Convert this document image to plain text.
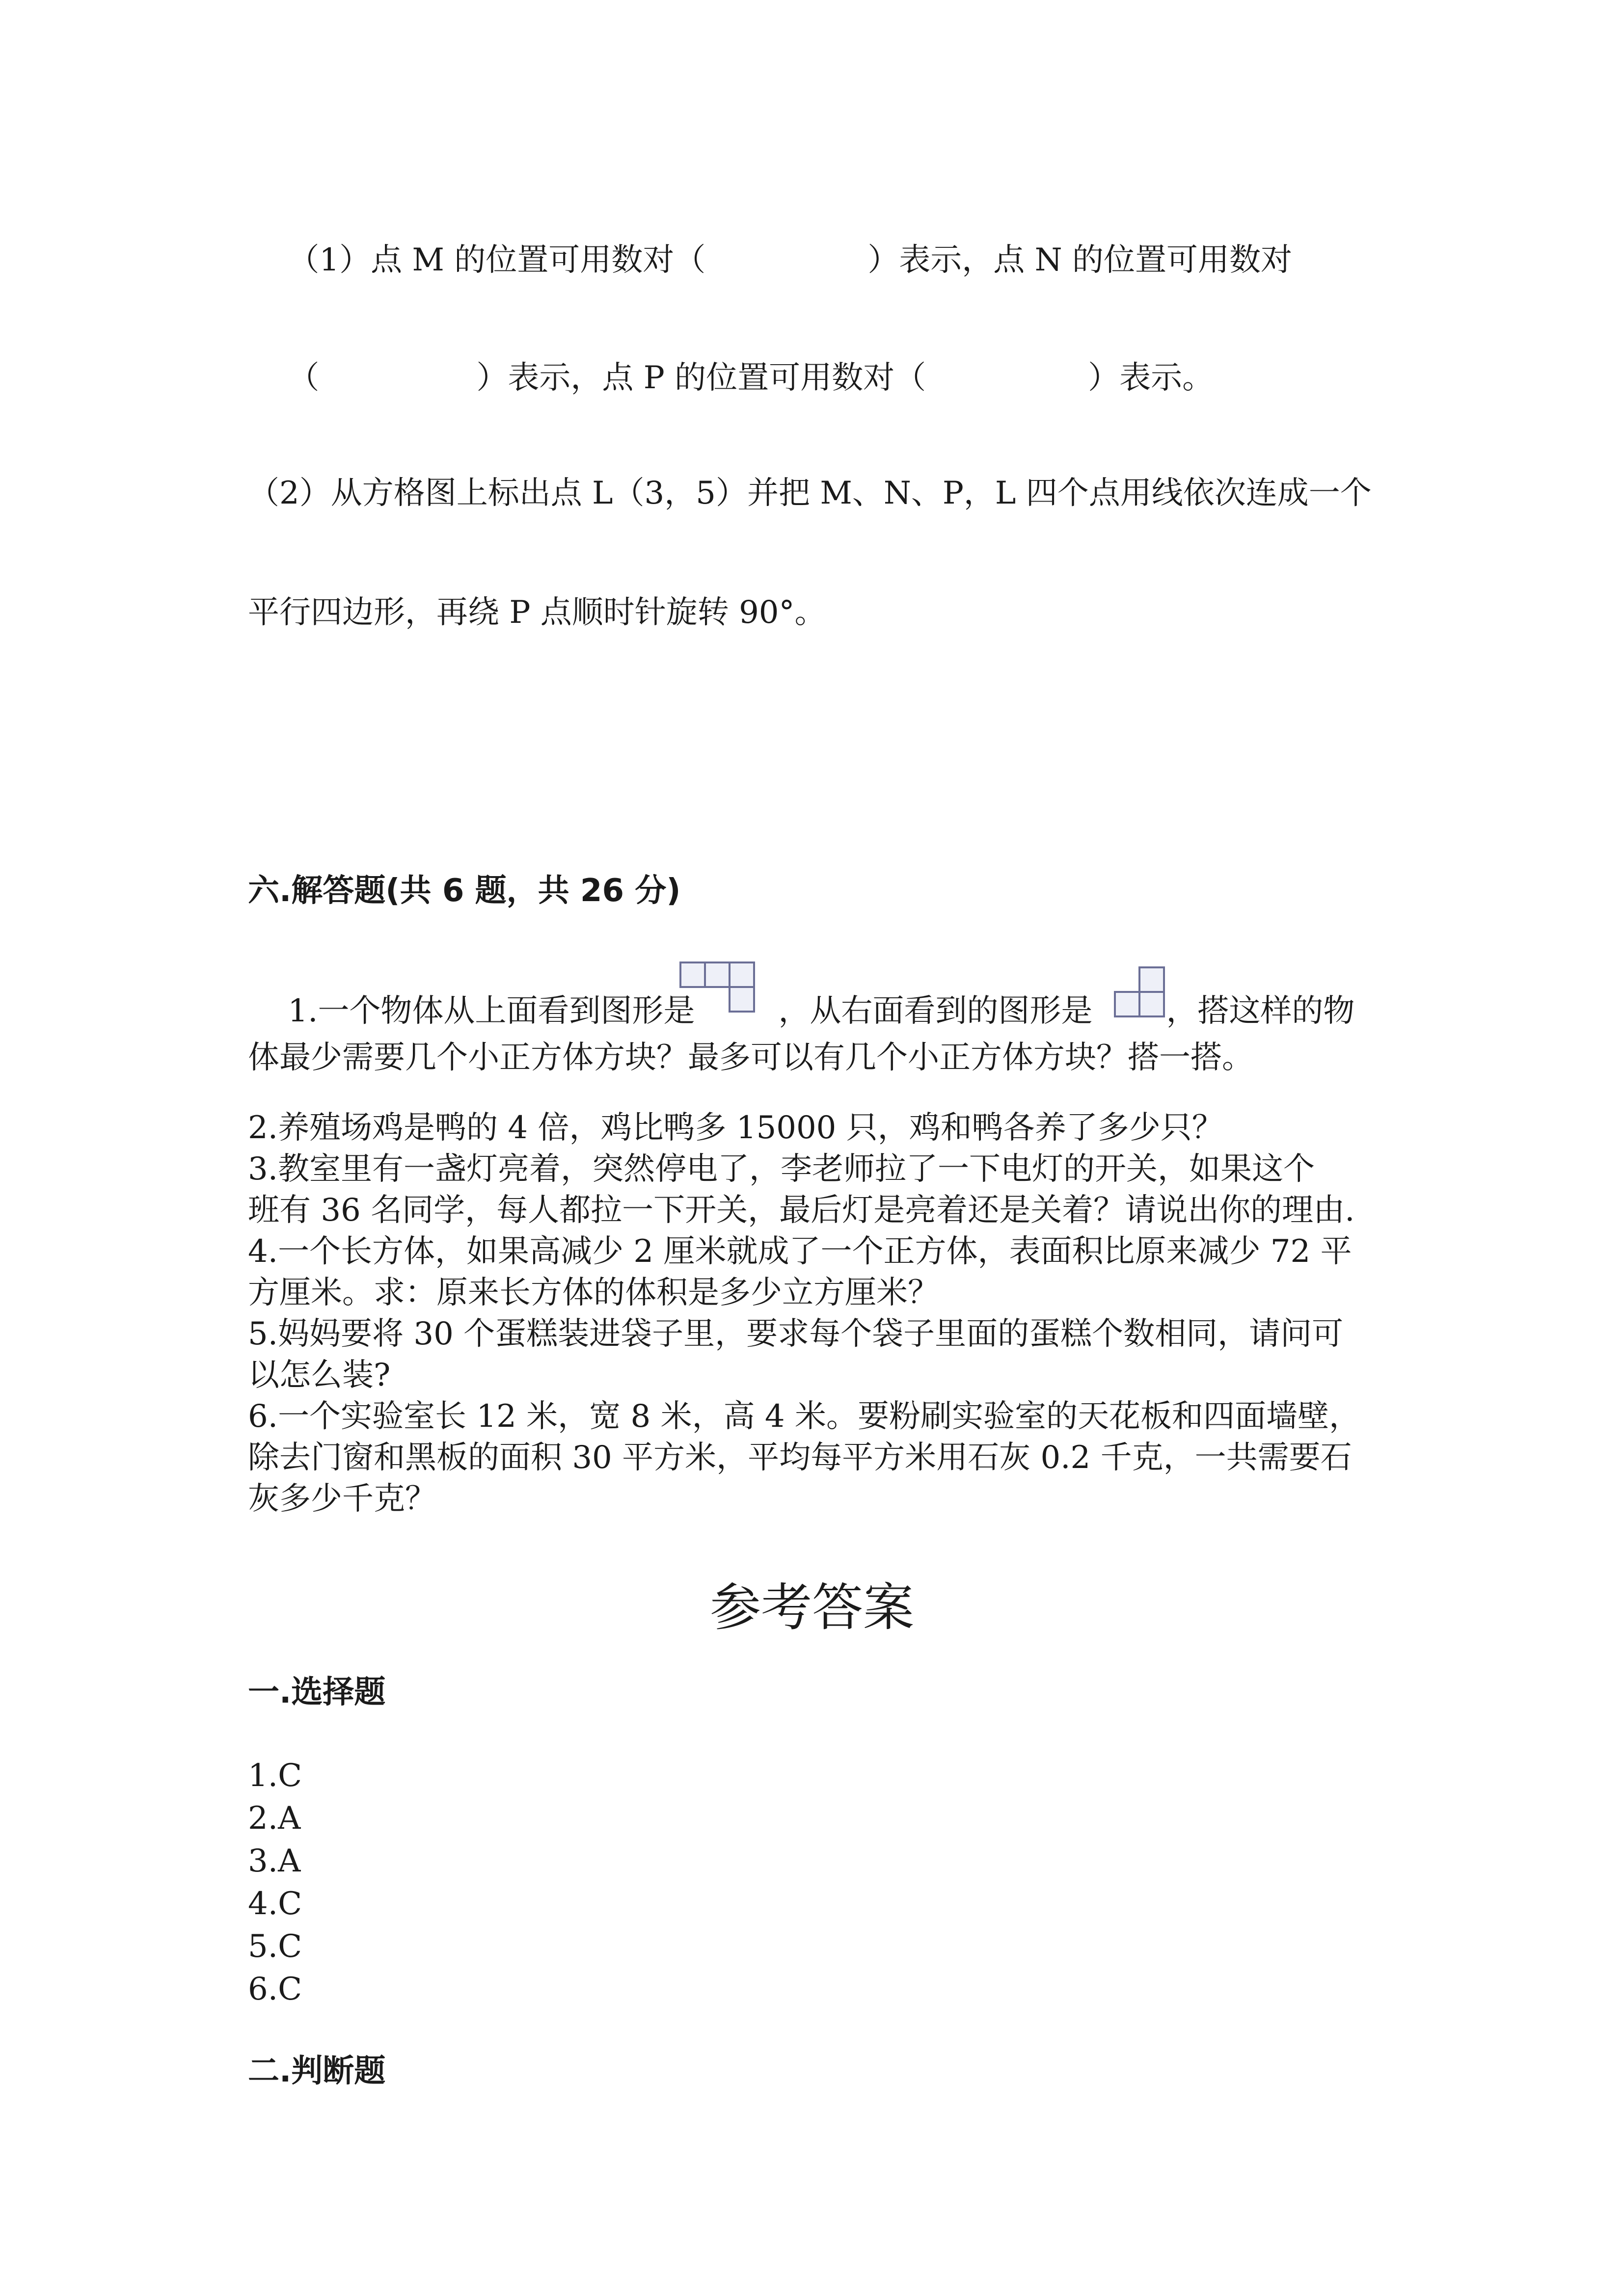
（1）点 M 的位置可用数对（	）表示，点 N 的位置可用数对

（	）表示，点 P 的位置可用数对（	）表示。

（2）从方格图上标出点 L（3，5）并把 M、N、P，L 四个点用线依次连成一个
平行四边形，再绕 P 点顺时针旋转 90°。
六.解答题(共 6 题，共 26 分)

1.一个物体从上面看到图形是	，从右面看到的图形是 ，搭这样的物

体最少需要几个小正方体方块？最多可以有几个小正方体方块？搭一搭。
2.养殖场鸡是鸭的 4 倍，鸡比鸭多 15000 只，鸡和鸭各养了多少只？
3.教室里有一盏灯亮着，突然停电了，李老师拉了一下电灯的开关，如果这个
班有 36 名同学，每人都拉一下开关，最后灯是亮着还是关着？请说出你的理由.
4.一个长方体，如果高减少 2 厘米就成了一个正方体，表面积比原来减少 72 平
方厘米。求：原来长方体的体积是多少立方厘米？
5.妈妈要将 30 个蛋糕装进袋子里，要求每个袋子里面的蛋糕个数相同，请问可
以怎么装?
6.一个实验室长 12 米，宽 8 米，高 4 米。要粉刷实验室的天花板和四面墙壁，
除去门窗和黑板的面积 30 平方米，平均每平方米用石灰 0.2 千克，一共需要石
灰多少千克？
参考答案
一.选择题
1.C
2.A
3.A
4.C
5.C
6.C
二.判断题
